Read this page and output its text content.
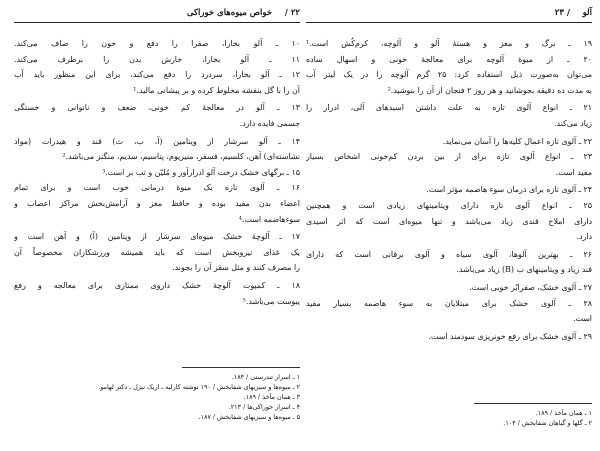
۲۲ /
خواص میوه‌های خوراکی
۱۰ ـ آلو بخارا، صفرا را دفع و خون را صاف می‌کند.
۱۱ ـ آلو بخارا، خارش بدن را برطرف می‌کند.
۱۲ ـ آلو بخارا، سردرد را دفع می‌کند، برای این منظور باید آب
آن را با گل بنفشه مخلوط کرده و بر پیشانی مالید.¹
۱۳ ـ آلو در معالجهٔ کم خونی، ضعف و ناتوانی و خستگی
جسمی فایده دارد.
۱۴ ـ آلو سرشار از ویتامین (آ، ب، ث) قند و هیدرات (مواد
نشاسته‌ای) آهن، کلسیم، فسفر، منیزیوم، پتاسیم، سدیم، منگنز می‌باشد.²
۱۵ ـ برگهای خشک درخت آلو ادرارآور و مُلیّن و تب بر است.³
۱۶ ـ آلوی تازه یک میوهٔ درمانی خوب است و برای تمام
اعضاء بدن مفید بوده و حافظ مغز و آرامش‌بخش مراکز اعصاب و
سوءهاضمه است.⁴
۱۷ ـ آلوچهٔ خشک میوه‌ای سرشار از ویتامین (آ) و آهن است و
یک غذای نیروبخش است که باید همیشه ورزشکاران مخصوصاً آن
را مصرف کنند و مثل سقز آن را بجوند.
۱۸ ـ کمپوت آلوچهٔ خشک داروی ممتازی برای معالجه و رفع
یبوست می‌باشد.⁵
۱ ـ اسرار تندرستی / ۱۸۴.
۲ ـ میوه‌ها و سبزیهای شفابخش / ۱۹۰ نوشته کارلبه ـ اریک نیژل ـ دکتر لهامو.
۳ ـ همان مآخذ / ۱۸۹.
۴ ـ اسرار خوراکی‌ها / ۲۱۳.
۵ ـ میوه‌ها و سبزیهای شفابخش / ۱۸۷.
آلو
/ ۲۳
۱۹ ـ برگ و مغز و هستهٔ آلو و آلوچه، کرم‌کُش است.¹
۲۰ ـ از میوهٔ آلوچه برای معالجهٔ خونی و اسهال ساده
می‌توان به‌صورت ذیل استفاده کرد: ۲۵ گرم آلوچه را در یک لیتر آب
به مدت ده دقیقه بجوشانید و هر روز ۲ فنجان از آن را بنوشید.²
۲۱ ـ انواع آلوی تازه به علت داشتن اسیدهای آلی، ادرار را
زیاد می‌کند.
۲۲ ـ آلوی تازه اعمال کلیه‌ها را آسان می‌نماید.
۲۳ ـ انواع آلوی تازه برای از بین بردن کم‌خونی اشخاص بسیار
مفید است.
۲۴ ـ آلوی تازه برای درمان سوء هاضمه مؤثر است.
۲۵ ـ انواع آلوی تازه دارای ویتامینهای زیادی است و همچنین
دارای املاح قندی زیاد می‌باشد و تنها میوه‌ای است که اثر اسیدی
دارد.
۲۶ ـ بهترین آلوها، آلوی سیاه و آلوی برقانی است که دارای
قند زیاد و ویتامینهای ب (B) زیاد می‌باشد.
۲۷ ـ آلوی خشک، صفرابُر خوبی است.
۲۸ ـ آلوی خشک برای مبتلایان به سوء هاضمه بسیار مفید
است.
۲۹ ـ آلوی خشک برای رفع خونریزی سودمند است.
۱ ـ همان مآخذ / ۱۸۹.
۲ ـ گلها و گیاهان شفابخش / ۱۰۴.
